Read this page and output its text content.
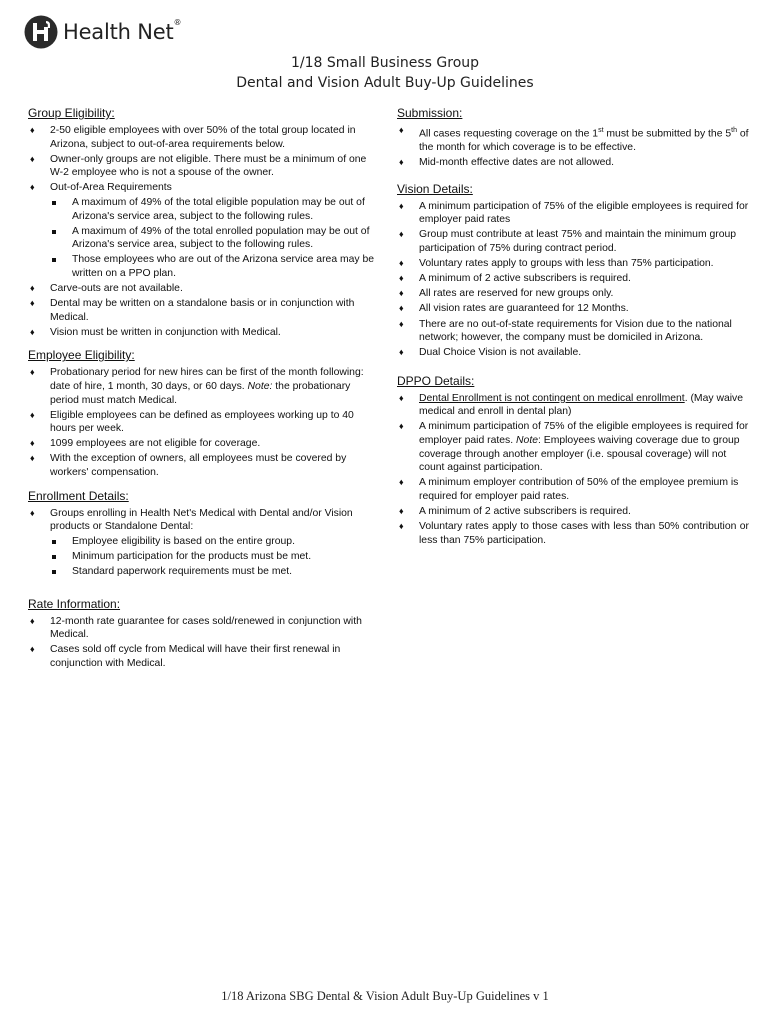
Health Net®
1/18 Small Business Group
Dental and Vision Adult Buy-Up Guidelines
Group Eligibility:
♦ 2-50 eligible employees with over 50% of the total group located in Arizona, subject to out-of-area requirements below.
♦ Owner-only groups are not eligible. There must be a minimum of one W-2 employee who is not a spouse of the owner.
♦ Out-of-Area Requirements
A maximum of 49% of the total eligible population may be out of Arizona's service area, subject to the following rules.
A maximum of 49% of the total enrolled population may be out of Arizona's service area, subject to the following rules.
Those employees who are out of the Arizona service area may be written on a PPO plan.
♦ Carve-outs are not available.
♦ Dental may be written on a standalone basis or in conjunction with Medical.
♦ Vision must be written in conjunction with Medical.
Employee Eligibility:
♦ Probationary period for new hires can be first of the month following: date of hire, 1 month, 30 days, or 60 days. Note: the probationary period must match Medical.
♦ Eligible employees can be defined as employees working up to 40 hours per week.
♦ 1099 employees are not eligible for coverage.
♦ With the exception of owners, all employees must be covered by workers' compensation.
Enrollment Details:
♦ Groups enrolling in Health Net's Medical with Dental and/or Vision products or Standalone Dental:
Employee eligibility is based on the entire group.
Minimum participation for the products must be met.
Standard paperwork requirements must be met.
Rate Information:
♦ 12-month rate guarantee for cases sold/renewed in conjunction with Medical.
♦ Cases sold off cycle from Medical will have their first renewal in conjunction with Medical.
Submission:
♦ All cases requesting coverage on the 1st must be submitted by the 5th of the month for which coverage is to be effective.
♦ Mid-month effective dates are not allowed.
Vision Details:
♦ A minimum participation of 75% of the eligible employees is required for employer paid rates
♦ Group must contribute at least 75% and maintain the minimum group participation of 75% during contract period.
♦ Voluntary rates apply to groups with less than 75% participation.
♦ A minimum of 2 active subscribers is required.
♦ All rates are reserved for new groups only.
♦ All vision rates are guaranteed for 12 Months.
♦ There are no out-of-state requirements for Vision due to the national network; however, the company must be domiciled in Arizona.
♦ Dual Choice Vision is not available.
DPPO Details:
♦ Dental Enrollment is not contingent on medical enrollment. (May waive medical and enroll in dental plan)
♦ A minimum participation of 75% of the eligible employees is required for employer paid rates. Note: Employees waiving coverage due to group coverage through another employer (i.e. spousal coverage) will not count against participation.
♦ A minimum employer contribution of 50% of the employee premium is required for employer paid rates.
♦ A minimum of 2 active subscribers is required.
♦ Voluntary rates apply to those cases with less than 50% contribution or less than 75% participation.
1/18 Arizona SBG Dental & Vision Adult Buy-Up Guidelines v 1
